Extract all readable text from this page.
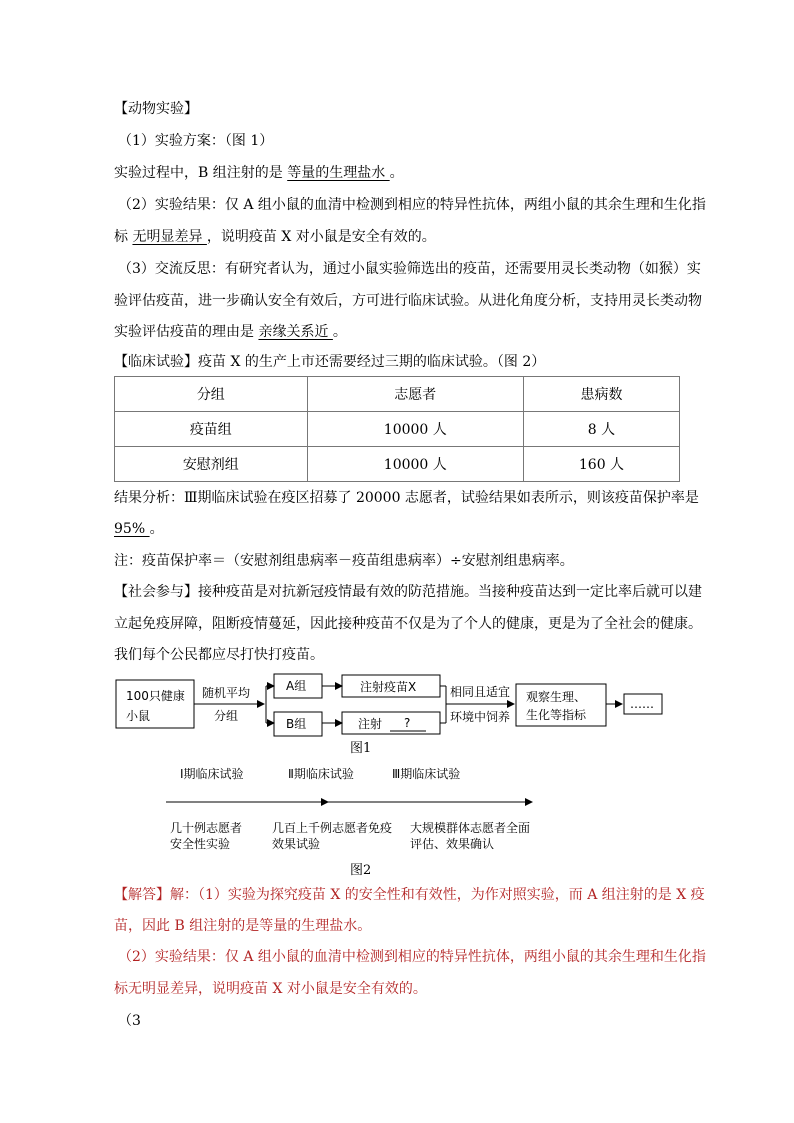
【动物实验】
（1）实验方案：（图 1）
实验过程中，B 组注射的是 等量的生理盐水 。
（2）实验结果：仅 A 组小鼠的血清中检测到相应的特异性抗体，两组小鼠的其余生理和生化指
标 无明显差异 ，说明疫苗 X 对小鼠是安全有效的。
（3）交流反思：有研究者认为，通过小鼠实验筛选出的疫苗，还需要用灵长类动物（如猴）实
验评估疫苗，进一步确认安全有效后，方可进行临床试验。从进化角度分析，支持用灵长类动物
实验评估疫苗的理由是 亲缘关系近 。
【临床试验】疫苗 X 的生产上市还需要经过三期的临床试验。（图 2）
分组	志愿者	患病数
疫苗组	10000 人	8 人
安慰剂组	10000 人	160 人
结果分析：Ⅲ期临床试验在疫区招募了 20000 志愿者，试验结果如表所示，则该疫苗保护率是
95% 。
注：疫苗保护率＝（安慰剂组患病率－疫苗组患病率）÷安慰剂组患病率。
【社会参与】接种疫苗是对抗新冠疫情最有效的防范措施。当接种疫苗达到一定比率后就可以建
立起免疫屏障，阻断疫情蔓延，因此接种疫苗不仅是为了个人的健康，更是为了全社会的健康。
我们每个公民都应尽打快打疫苗。
100只健康
小鼠
随机平均
分组
A组
B组
注射疫苗X
注射 ?
相同且适宜
环境中饲养
观察生理、
生化等指标
……
图1
Ⅰ期临床试验	Ⅱ期临床试验	Ⅲ期临床试验
几十例志愿者
安全性实验
几百上千例志愿者免疫
效果试验
大规模群体志愿者全面
评估、效果确认
图2
【解答】解：（1）实验为探究疫苗 X 的安全性和有效性，为作对照实验，而 A 组注射的是 X 疫
苗，因此 B 组注射的是等量的生理盐水。
（2）实验结果：仅 A 组小鼠的血清中检测到相应的特异性抗体，两组小鼠的其余生理和生化指
标无明显差异，说明疫苗 X 对小鼠是安全有效的。
（3
